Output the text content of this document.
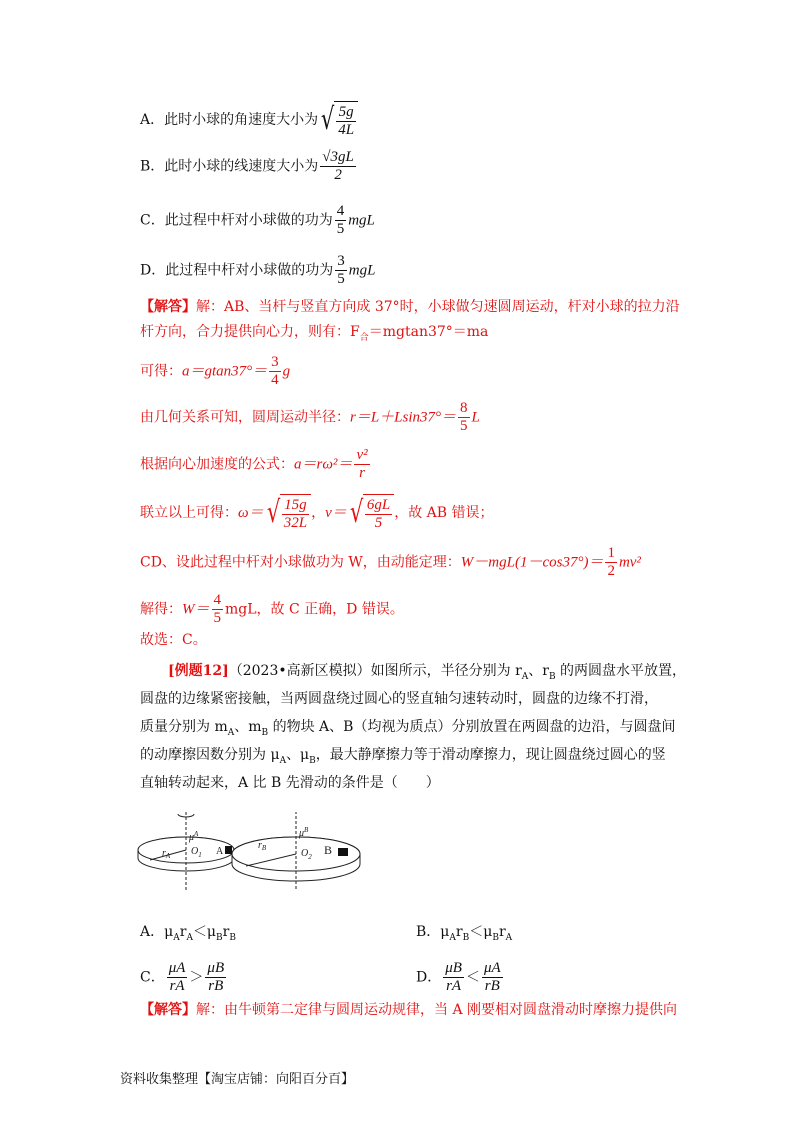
A．此时小球的角速度大小为 √ $\frac{5g}{4L}$
B．此时小球的线速度大小为 $\frac{√3gL}{2}$
C．此过程中杆对小球做的功为 $\frac{4}{5}$ mgL
D．此过程中杆对小球做的功为 $\frac{3}{5}$ mgL
【解答】解：AB、当杆与竖直方向成 37°时，小球做匀速圆周运动，杆对小球的拉力沿
杆方向，合力提供向心力，则有：$F_合=mgtan37^\circ=ma$
可得：$a=gtan37^\circ= \frac{3}{4}$ g
由几何关系可知，圆周运动半径：$r=L+Lsin37^\circ= \frac{8}{5}$ L
根据向心加速度的公式：$a=r\omega^2= \frac{\text{v²}}{r}$
联立以上可得：ω＝ √ $\frac{15g}{32L}$ ，v＝ √ $\frac{6gL}{5}$ ，故 AB 错误；
CD、设此过程中杆对小球做功为 W，由动能定理：$W-mgL(1-\cos 37^\circ)= \frac{1}{2} mv^2$
解得：$W= \frac{4}{5}$ mgL，故 C 正确，D 错误。
故选：C。
[例题12]（2023•高新区模拟）如图所示，半径分别为 $r_A$、$r_B$ 的两圆盘水平放置，
圆盘的边缘紧密接触，当两圆盘绕过圆心的竖直轴匀速转动时，圆盘的边缘不打滑，
质量分别为 $m_A$、$m_B$ 的物块 A、B（均视为质点）分别放置在两圆盘的边沿，与圆盘间
的动摩擦因数分别为 $\mu_A$、$\mu_B$，最大静摩擦力等于滑动摩擦力，现让圆盘绕过圆心的竖
直轴转动起来，A 比 B 先滑动的条件是（　　）
$r_A$
$\mu^A$
$O_1$ A
$r_B$
$\mu^B$
$O_2$ B
A．$\mu_Ar_A<\mu_Br_B$	B．$\mu_Ar_B<\mu_Br_A$
C． $\frac{\mu A}{rA} > \frac{\mu B}{rB}$	D． $\frac{\mu B}{rA} < \frac{\mu A}{rB}$
【解答】解：由牛顿第二定律与圆周运动规律，当 A 刚要相对圆盘滑动时摩擦力提供向
资料收集整理【淘宝店铺：向阳百分百】
